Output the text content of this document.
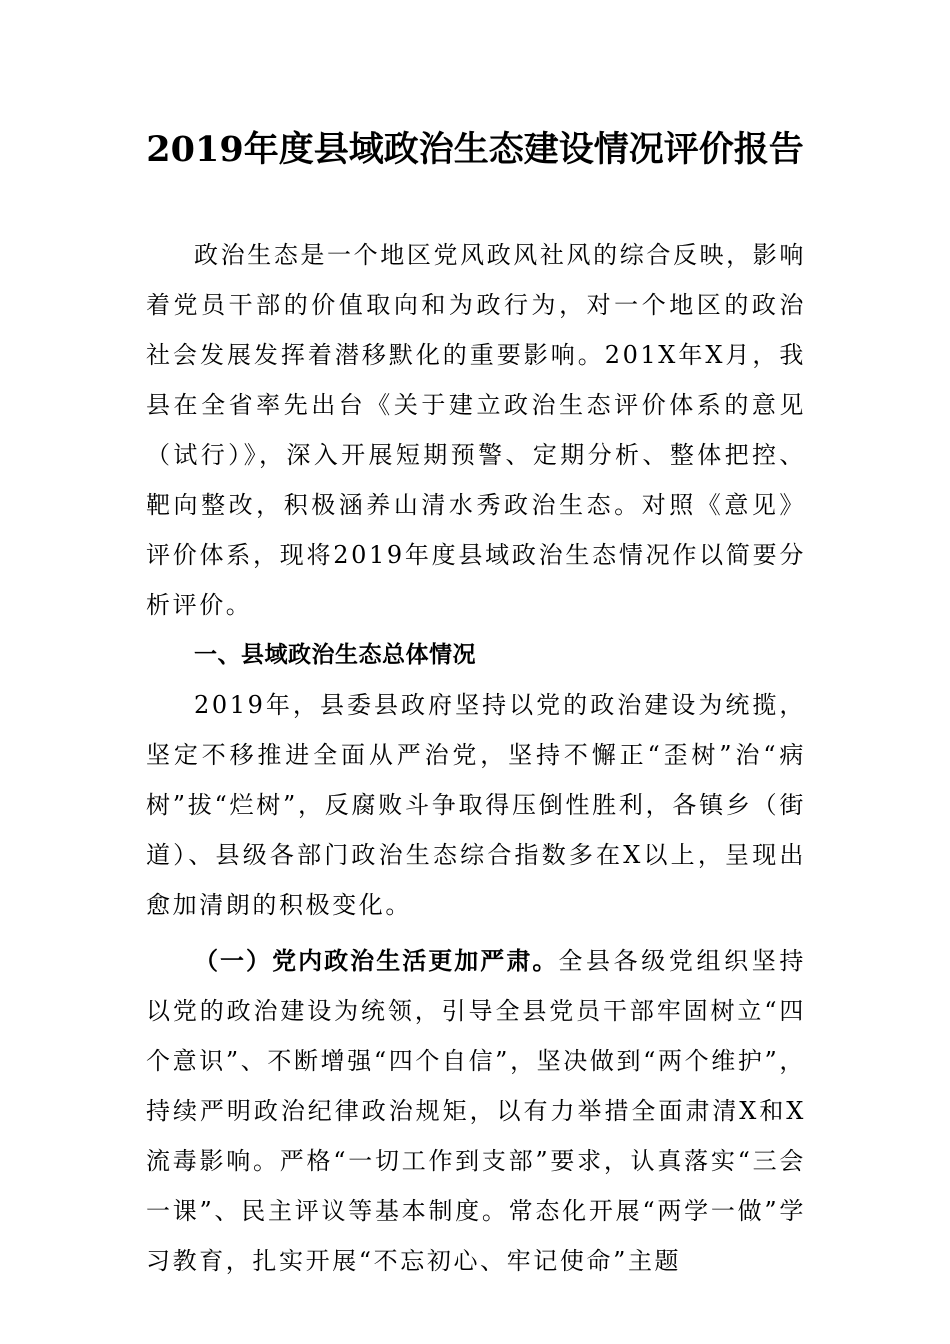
2019年度县域政治生态建设情况评价报告

政治生态是一个地区党风政风社风的综合反映，影响着党员干部的价值取向和为政行为，对一个地区的政治社会发展发挥着潜移默化的重要影响。201X年X月，我县在全省率先出台《关于建立政治生态评价体系的意见（试行）》，深入开展短期预警、定期分析、整体把控、靶向整改，积极涵养山清水秀政治生态。对照《意见》评价体系，现将2019年度县域政治生态情况作以简要分析评价。

一、县域政治生态总体情况

2019年，县委县政府坚持以党的政治建设为统揽，坚定不移推进全面从严治党，坚持不懈正“歪树”治“病树”拔“烂树”，反腐败斗争取得压倒性胜利，各镇乡（街道）、县级各部门政治生态综合指数多在X以上，呈现出愈加清朗的积极变化。

（一）党内政治生活更加严肃。全县各级党组织坚持以党的政治建设为统领，引导全县党员干部牢固树立“四个意识”、不断增强“四个自信”，坚决做到“两个维护”，持续严明政治纪律政治规矩，以有力举措全面肃清X和X流毒影响。严格“一切工作到支部”要求，认真落实“三会一课”、民主评议等基本制度。常态化开展“两学一做”学习教育，扎实开展“不忘初心、牢记使命”主题
